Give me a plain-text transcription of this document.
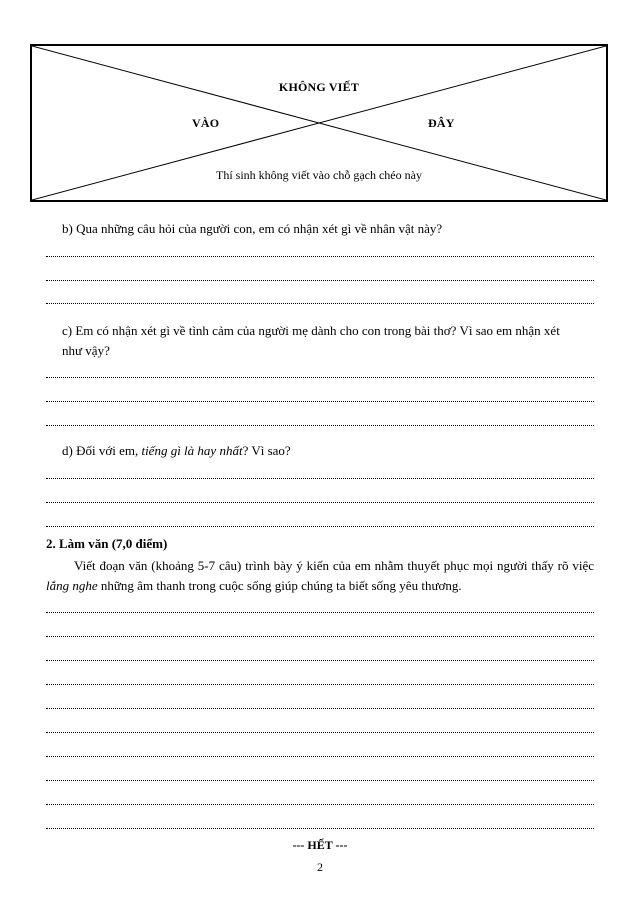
KHÔNG VIẾT
VÀO	ĐÂY
Thí sinh không viết vào chỗ gạch chéo này
b) Qua những câu hỏi của người con, em có nhận xét gì về nhân vật này?
c) Em có nhận xét gì về tình cảm của người mẹ dành cho con trong bài thơ? Vì sao em nhận xét
như vậy?
d) Đối với em, tiếng gì là hay nhất? Vì sao?
2. Làm văn (7,0 điểm)
Viết đoạn văn (khoảng 5-7 câu) trình bày ý kiến của em nhằm thuyết phục mọi người thấy rõ việc lắng nghe những âm thanh trong cuộc sống giúp chúng ta biết sống yêu thương.
--- HẾT ---
2
